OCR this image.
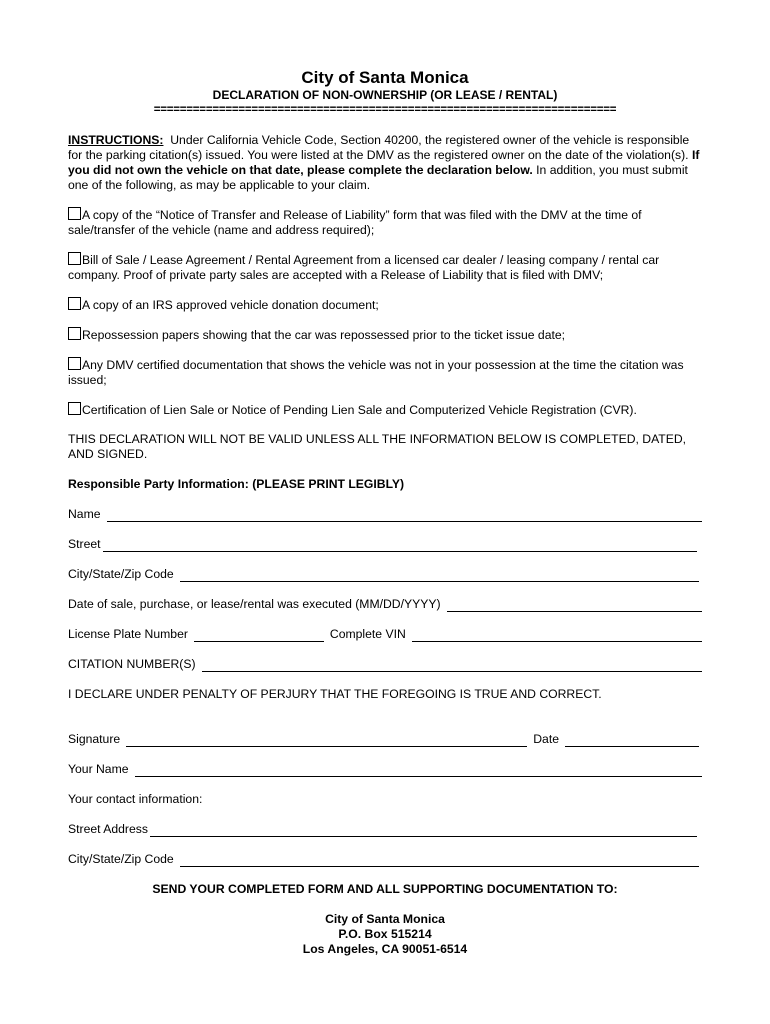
City of Santa Monica
DECLARATION OF NON-OWNERSHIP (OR LEASE / RENTAL)
=======================================================================

INSTRUCTIONS: Under California Vehicle Code, Section 40200, the registered owner of the vehicle is responsible for the parking citation(s) issued. You were listed at the DMV as the registered owner on the date of the violation(s). If you did not own the vehicle on that date, please complete the declaration below. In addition, you must submit one of the following, as may be applicable to your claim.

A copy of the “Notice of Transfer and Release of Liability” form that was filed with the DMV at the time of sale/transfer of the vehicle (name and address required);

Bill of Sale / Lease Agreement / Rental Agreement from a licensed car dealer / leasing company / rental car company. Proof of private party sales are accepted with a Release of Liability that is filed with DMV;

A copy of an IRS approved vehicle donation document;

Repossession papers showing that the car was repossessed prior to the ticket issue date;

Any DMV certified documentation that shows the vehicle was not in your possession at the time the citation was issued;

Certification of Lien Sale or Notice of Pending Lien Sale and Computerized Vehicle Registration (CVR).

THIS DECLARATION WILL NOT BE VALID UNLESS ALL THE INFORMATION BELOW IS COMPLETED, DATED, AND SIGNED.

Responsible Party Information: (PLEASE PRINT LEGIBLY)

Name
Street
City/State/Zip Code
Date of sale, purchase, or lease/rental was executed (MM/DD/YYYY)
License Plate Number	Complete VIN
CITATION NUMBER(S)

I DECLARE UNDER PENALTY OF PERJURY THAT THE FOREGOING IS TRUE AND CORRECT.

Signature	Date
Your Name

Your contact information:

Street Address
City/State/Zip Code
SEND YOUR COMPLETED FORM AND ALL SUPPORTING DOCUMENTATION TO:
City of Santa Monica
P.O. Box 515214
Los Angeles, CA 90051-6514
